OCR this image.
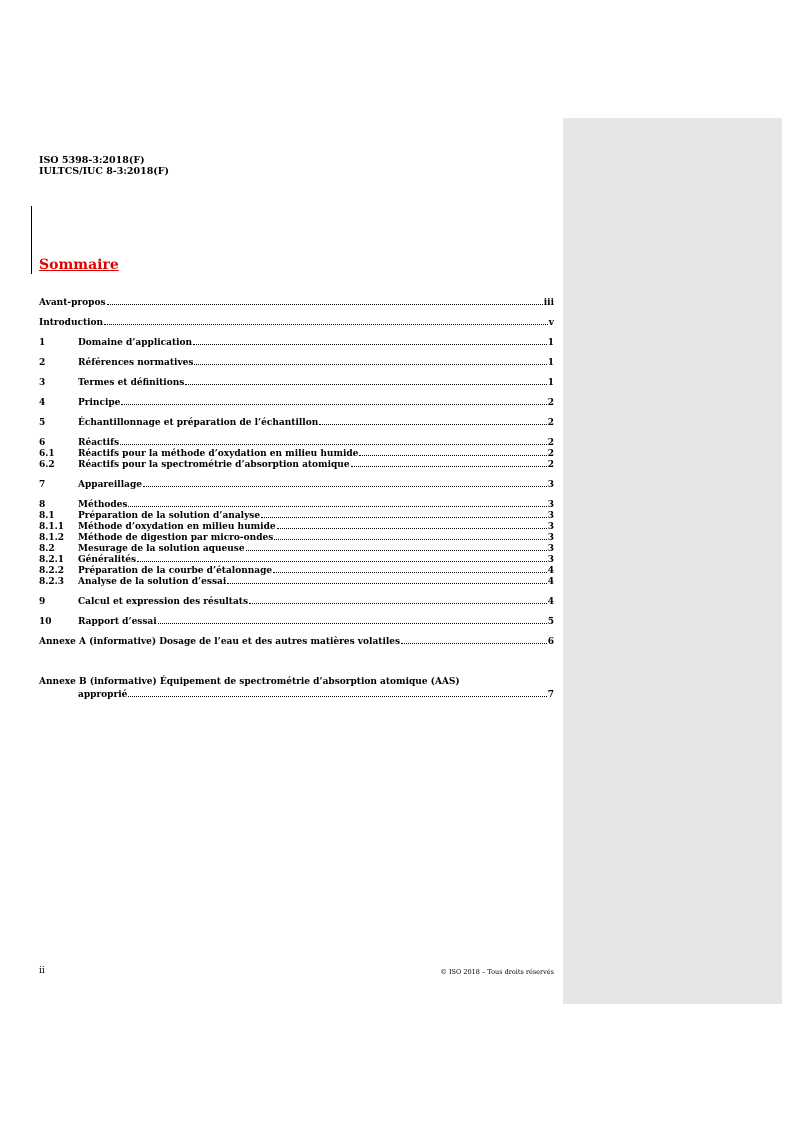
ISO 5398-3:2018(F)
IULTCS/IUC 8-3:2018(F)
Sommaire
Avant-propos	iii
Introduction	v
1	Domaine d’application	1
2	Références normatives	1
3	Termes et définitions	1
4	Principe	2
5	Échantillonnage et préparation de l’échantillon	2
6	Réactifs	2
6.1	Réactifs pour la méthode d’oxydation en milieu humide	2
6.2	Réactifs pour la spectrométrie d’absorption atomique	2
7	Appareillage	3
8	Méthodes	3
8.1	Préparation de la solution d’analyse	3
8.1.1	Méthode d’oxydation en milieu humide	3
8.1.2	Méthode de digestion par micro-ondes	3
8.2	Mesurage de la solution aqueuse	3
8.2.1	Généralités	3
8.2.2	Préparation de la courbe d’étalonnage	4
8.2.3	Analyse de la solution d’essai	4
9	Calcul et expression des résultats	4
10	Rapport d’essai	5
Annexe A (informative) Dosage de l’eau et des autres matières volatiles	6
Annexe B (informative) Équipement de spectrométrie d’absorption atomique (AAS)
approprié	7
ii	© ISO 2018 – Tous droits réservés
